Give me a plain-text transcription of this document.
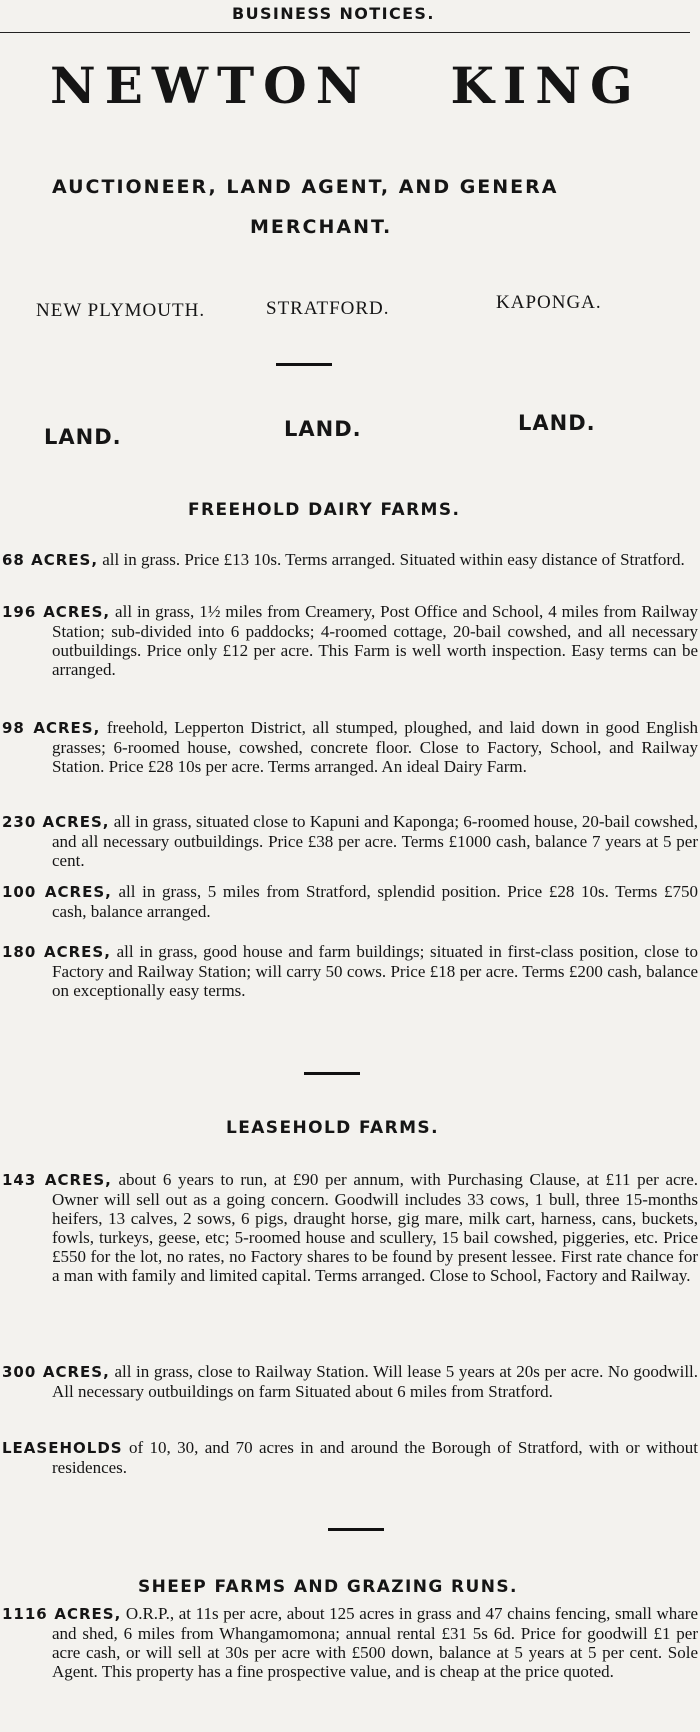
BUSINESS NOTICES.
NEWTON KING
AUCTIONEER, LAND AGENT, AND GENERA
MERCHANT.
NEW PLYMOUTH.	STRATFORD.	KAPONGA.
LAND.	LAND.	LAND.
FREEHOLD DAIRY FARMS.

68 ACRES, all in grass. Price £13 10s. Terms arranged. Situated within easy distance of Stratford.

196 ACRES, all in grass, 1½ miles from Creamery, Post Office and School, 4 miles from Railway Station; sub-divided into 6 paddocks; 4-roomed cottage, 20-bail cowshed, and all necessary outbuildings. Price only £12 per acre. This Farm is well worth inspection. Easy terms can be arranged.

98 ACRES, freehold, Lepperton District, all stumped, ploughed, and laid down in good English grasses; 6-roomed house, cowshed, concrete floor. Close to Factory, School, and Railway Station. Price £28 10s per acre. Terms arranged. An ideal Dairy Farm.

230 ACRES, all in grass, situated close to Kapuni and Kaponga; 6-roomed house, 20-bail cowshed, and all necessary outbuildings. Price £38 per acre. Terms £1000 cash, balance 7 years at 5 per cent.

100 ACRES, all in grass, 5 miles from Stratford, splendid position. Price £28 10s. Terms £750 cash, balance arranged.

180 ACRES, all in grass, good house and farm buildings; situated in first-class position, close to Factory and Railway Station; will carry 50 cows. Price £18 per acre. Terms £200 cash, balance on exceptionally easy terms.

LEASEHOLD FARMS.

143 ACRES, about 6 years to run, at £90 per annum, with Purchasing Clause, at £11 per acre. Owner will sell out as a going concern. Goodwill includes 33 cows, 1 bull, three 15-months heifers, 13 calves, 2 sows, 6 pigs, draught horse, gig mare, milk cart, harness, cans, buckets, fowls, turkeys, geese, etc; 5-roomed house and scullery, 15 bail cowshed, piggeries, etc. Price £550 for the lot, no rates, no Factory shares to be found by present lessee. First rate chance for a man with family and limited capital. Terms arranged. Close to School, Factory and Railway.

300 ACRES, all in grass, close to Railway Station. Will lease 5 years at 20s per acre. No goodwill. All necessary outbuildings on farm Situated about 6 miles from Stratford.

LEASEHOLDS of 10, 30, and 70 acres in and around the Borough of Stratford, with or without residences.

SHEEP FARMS AND GRAZING RUNS.

1116 ACRES, O.R.P., at 11s per acre, about 125 acres in grass and 47 chains fencing, small whare and shed, 6 miles from Whangamomona; annual rental £31 5s 6d. Price for goodwill £1 per acre cash, or will sell at 30s per acre with £500 down, balance at 5 years at 5 per cent. Sole Agent. This property has a fine prospective value, and is cheap at the price quoted.
